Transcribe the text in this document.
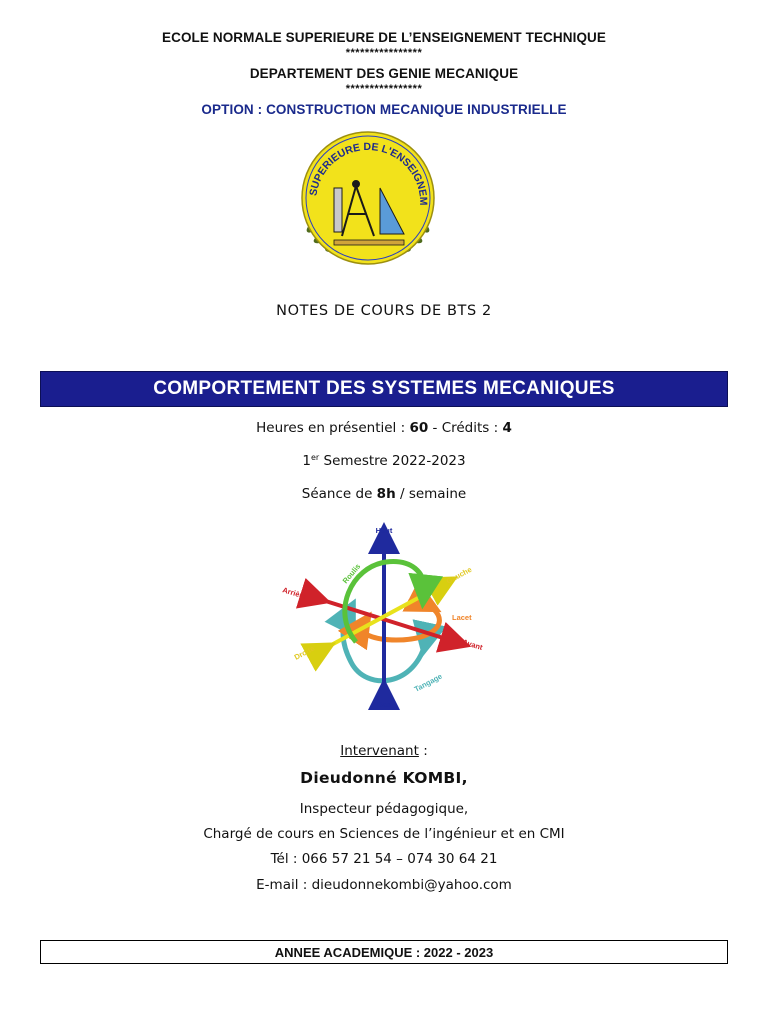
ECOLE NORMALE SUPERIEURE DE L’ENSEIGNEMENT TECHNIQUE
****************
DEPARTEMENT DES GENIE MECANIQUE
****************
OPTION : CONSTRUCTION MECANIQUE INDUSTRIELLE
SUPERIEURE DE L'ENSEIGNEM
NOTES DE COURS DE BTS 2
COMPORTEMENT DES SYSTEMES MECANIQUES
Heures en présentiel : 60 - Crédits : 4
1er Semestre 2022-2023
Séance de 8h / semaine
Haut
Bas
Arrière
Avant
Gauche
Droite
Roulis
Lacet
Tangage
Intervenant :
Dieudonné KOMBI,
Inspecteur pédagogique,
Chargé de cours en Sciences de l’ingénieur et en CMI
Tél : 066 57 21 54 – 074 30 64 21
E-mail : dieudonnekombi@yahoo.com
ANNEE ACADEMIQUE : 2022 - 2023
